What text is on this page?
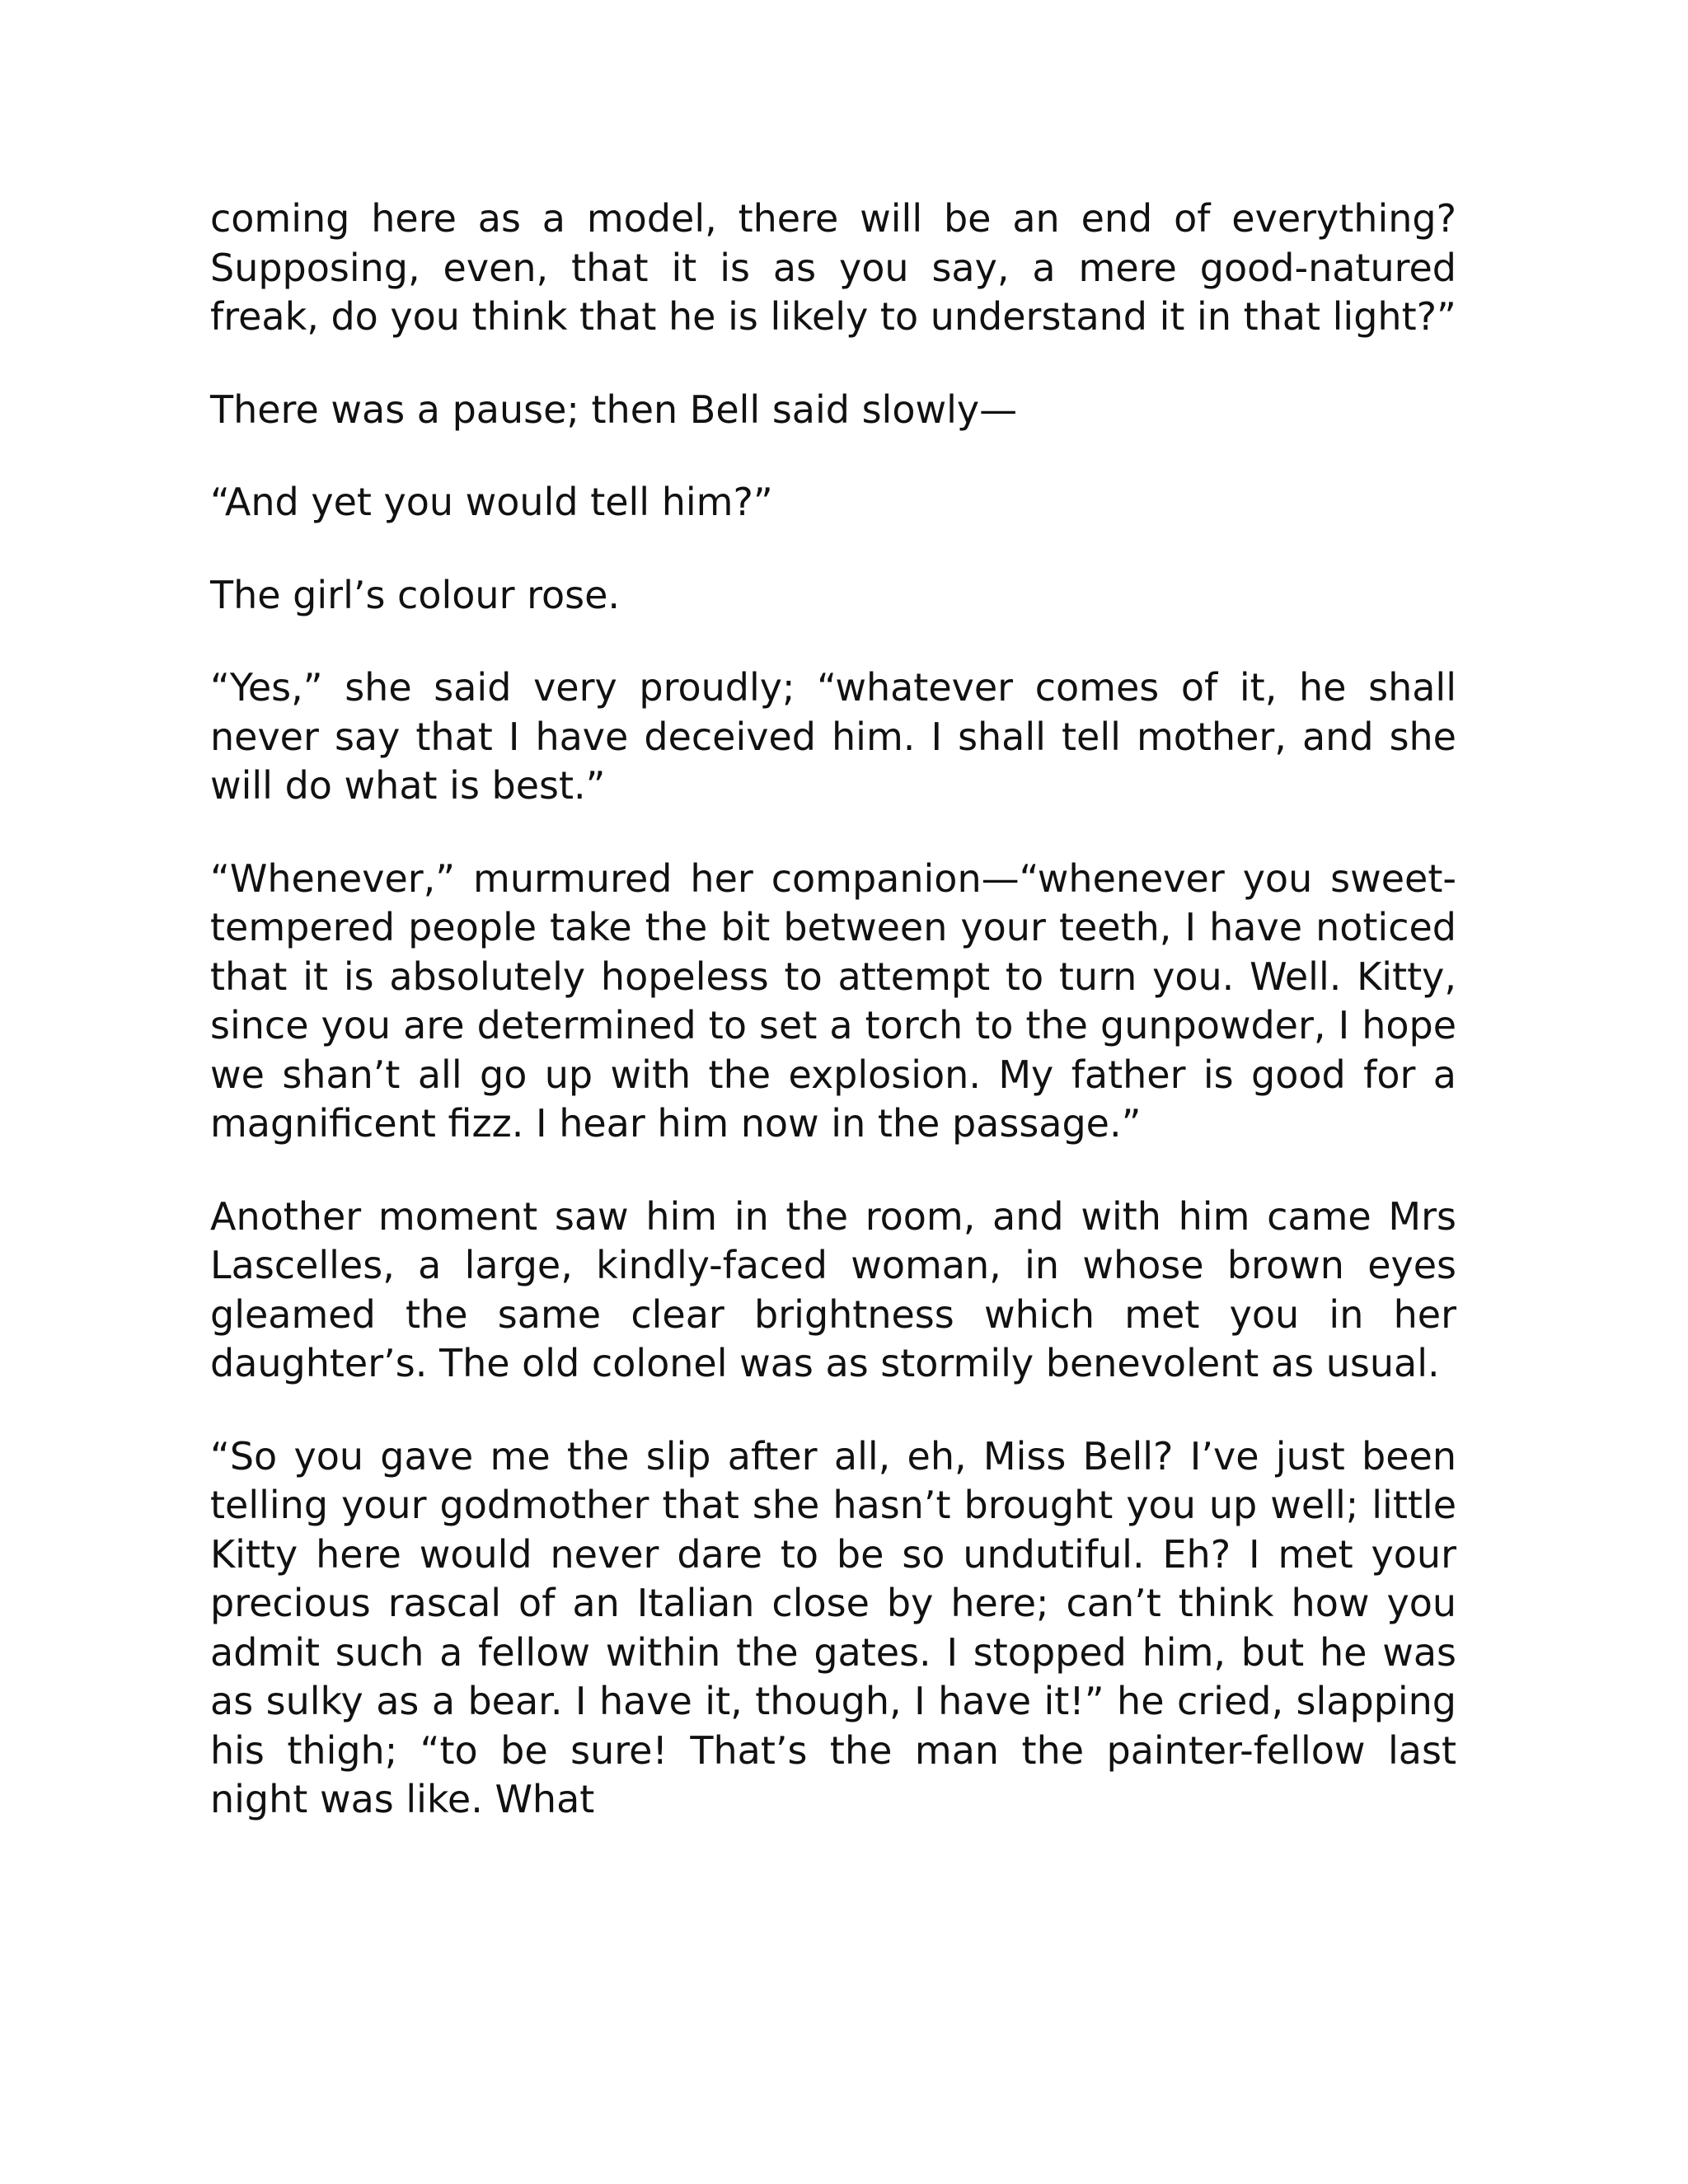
coming here as a model, there will be an end of everything? Supposing, even, that it is as you say, a mere good-natured freak, do you think that he is likely to understand it in that light?”

There was a pause; then Bell said slowly—

“And yet you would tell him?”

The girl’s colour rose.

“Yes,” she said very proudly; “whatever comes of it, he shall never say that I have deceived him. I shall tell mother, and she will do what is best.”

“Whenever,” murmured her companion—“whenever you sweet-tempered people take the bit between your teeth, I have noticed that it is absolutely hopeless to attempt to turn you. Well. Kitty, since you are determined to set a torch to the gunpowder, I hope we shan’t all go up with the explosion. My father is good for a magnificent fizz. I hear him now in the passage.”

Another moment saw him in the room, and with him came Mrs Lascelles, a large, kindly-faced woman, in whose brown eyes gleamed the same clear brightness which met you in her daughter’s. The old colonel was as stormily benevolent as usual.

“So you gave me the slip after all, eh, Miss Bell? I’ve just been telling your godmother that she hasn’t brought you up well; little Kitty here would never dare to be so undutiful. Eh? I met your precious rascal of an Italian close by here; can’t think how you admit such a fellow within the gates. I stopped him, but he was as sulky as a bear. I have it, though, I have it!” he cried, slapping his thigh; “to be sure! That’s the man the painter-fellow last night was like. What
